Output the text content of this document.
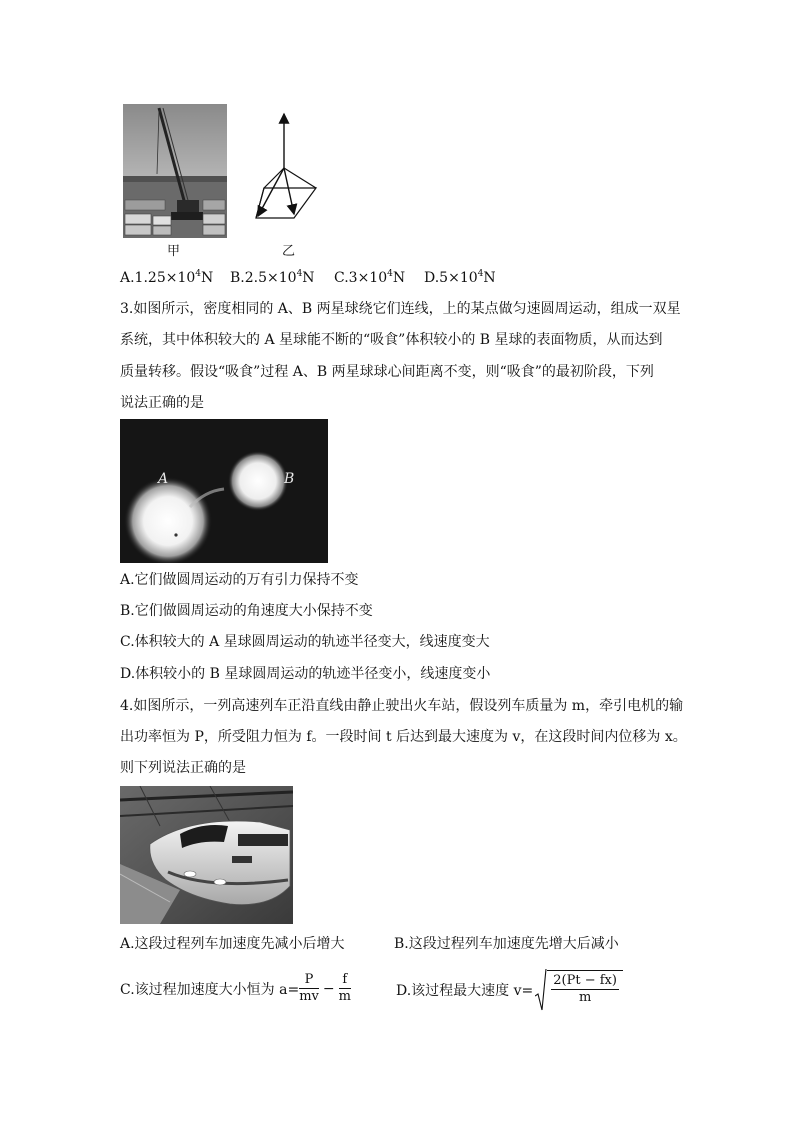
甲	乙
$A.1.25\times 10^4N$ $B.2.5\times 10^4N$ $C.3\times 10^4N$ $D.5\times 10^4N$
3.如图所示，密度相同的 A、B 两星球绕它们连线，上的某点做匀速圆周运动，组成一双星
系统，其中体积较大的 A 星球能不断的“吸食”体积较小的 B 星球的表面物质，从而达到
质量转移。假设“吸食”过程 A、B 两星球球心间距离不变，则“吸食”的最初阶段，下列
说法正确的是
A	B
A.它们做圆周运动的万有引力保持不变
B.它们做圆周运动的角速度大小保持不变
C.体积较大的 A 星球圆周运动的轨迹半径变大，线速度变大
D.体积较小的 B 星球圆周运动的轨迹半径变小，线速度变小
4.如图所示，一列高速列车正沿直线由静止驶出火车站，假设列车质量为 m，牵引电机的输
出功率恒为 P，所受阻力恒为 f。一段时间 t 后达到最大速度为 v，在这段时间内位移为 x。
则下列说法正确的是
A.这段过程列车加速度先减小后增大	B.这段过程列车加速度先增大后减小
C.该过程加速度大小恒为 $a= \frac{P}{mv} - \frac{f}{m}$	D.该过程最大速度 $v= \frac{2(Pt - fx)}{m}$
